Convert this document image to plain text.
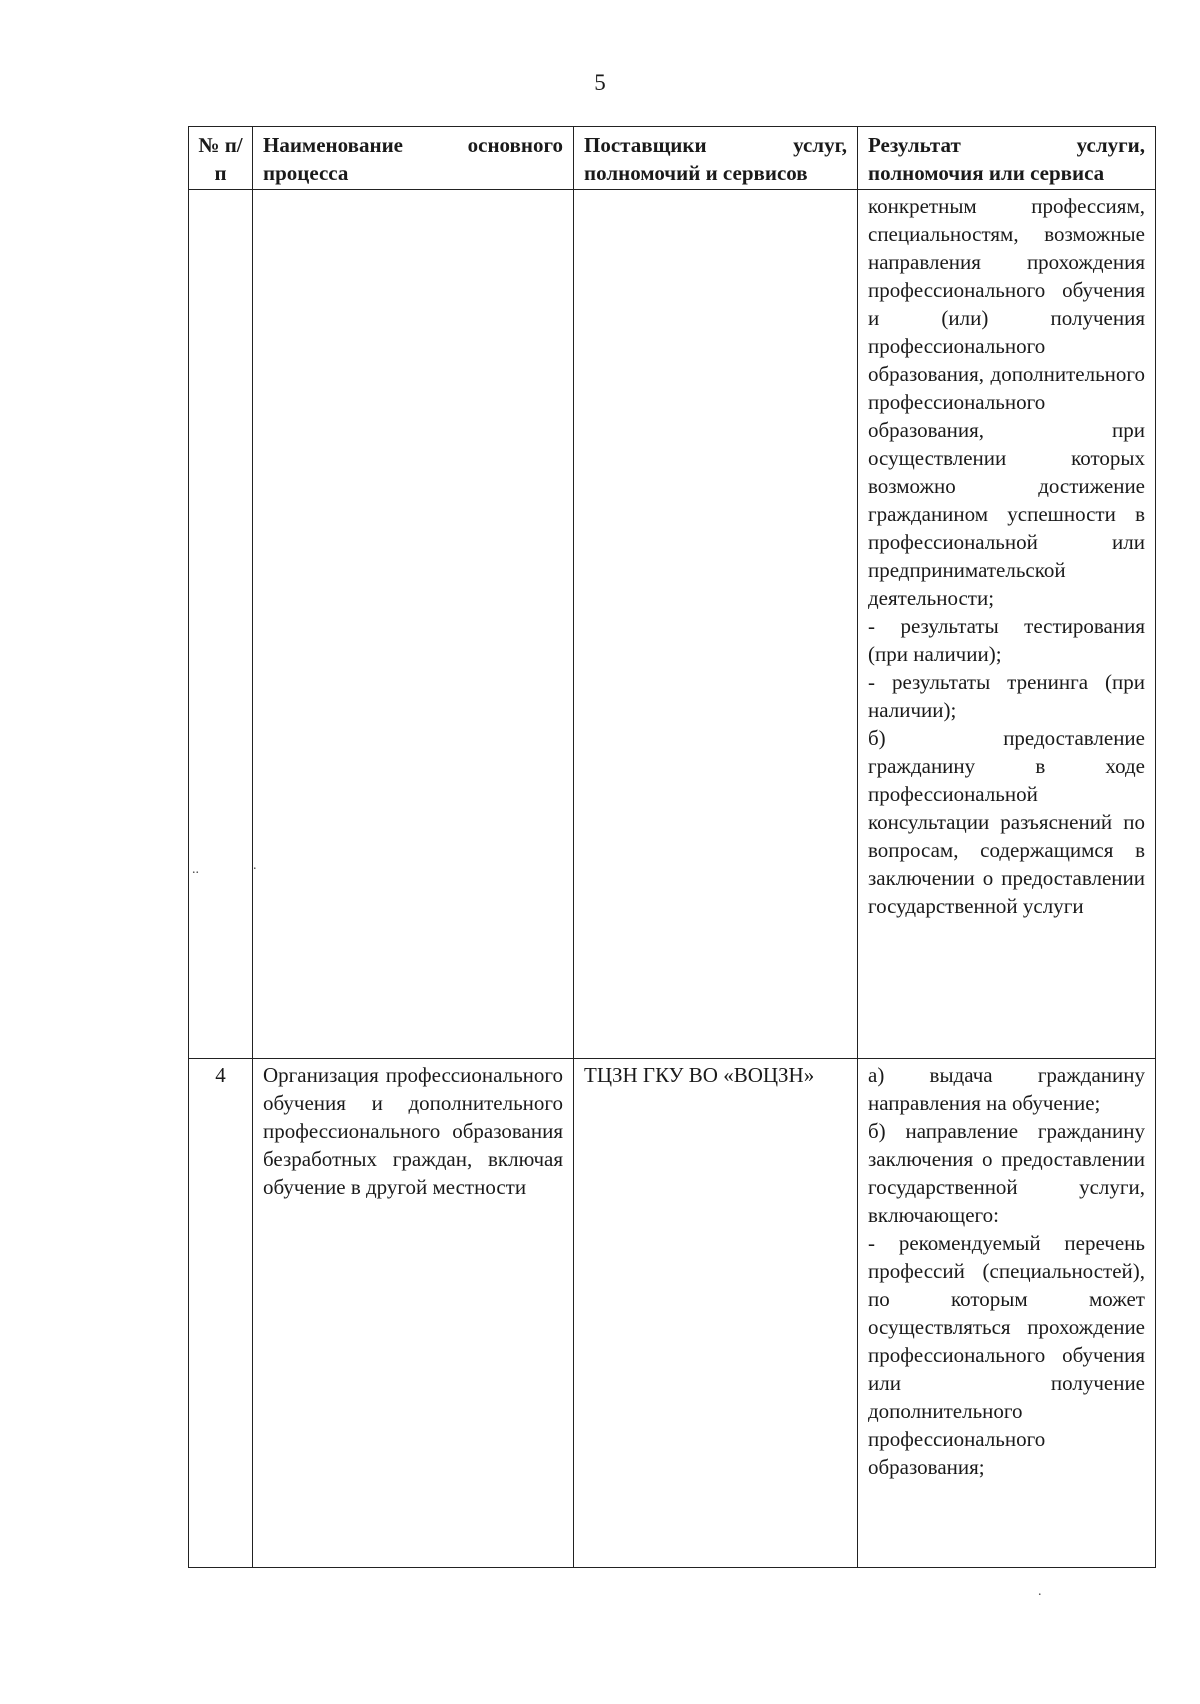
5
№ п/п	Наименование основного процесса	Поставщики услуг, полномочий и сервисов	Результат услуги, полномочия или сервиса
			конкретным профессиям, специальностям, возможные направления прохождения профессионального обучения и (или) получения профессионального образования, дополнительного профессионального образования, при осуществлении которых возможно достижение гражданином успешности в профессиональной или предпринимательской деятельности;
- результаты тестирования (при наличии);
- результаты тренинга (при наличии);
б) предоставление гражданину в ходе профессиональной консультации разъяснений по вопросам, содержащимся в заключении о предоставлении государственной услуги
4	Организация профессионального обучения и дополнительного профессионального образования безработных граждан, включая обучение в другой местности	ТЦЗН ГКУ ВО «ВОЦЗН»	а) выдача гражданину направления на обучение;
б) направление гражданину заключения о предоставлении государственной услуги, включающего:
- рекомендуемый перечень профессий (специальностей), по которым может осуществляться прохождение профессионального обучения или получение дополнительного профессионального образования;
..	.
.
